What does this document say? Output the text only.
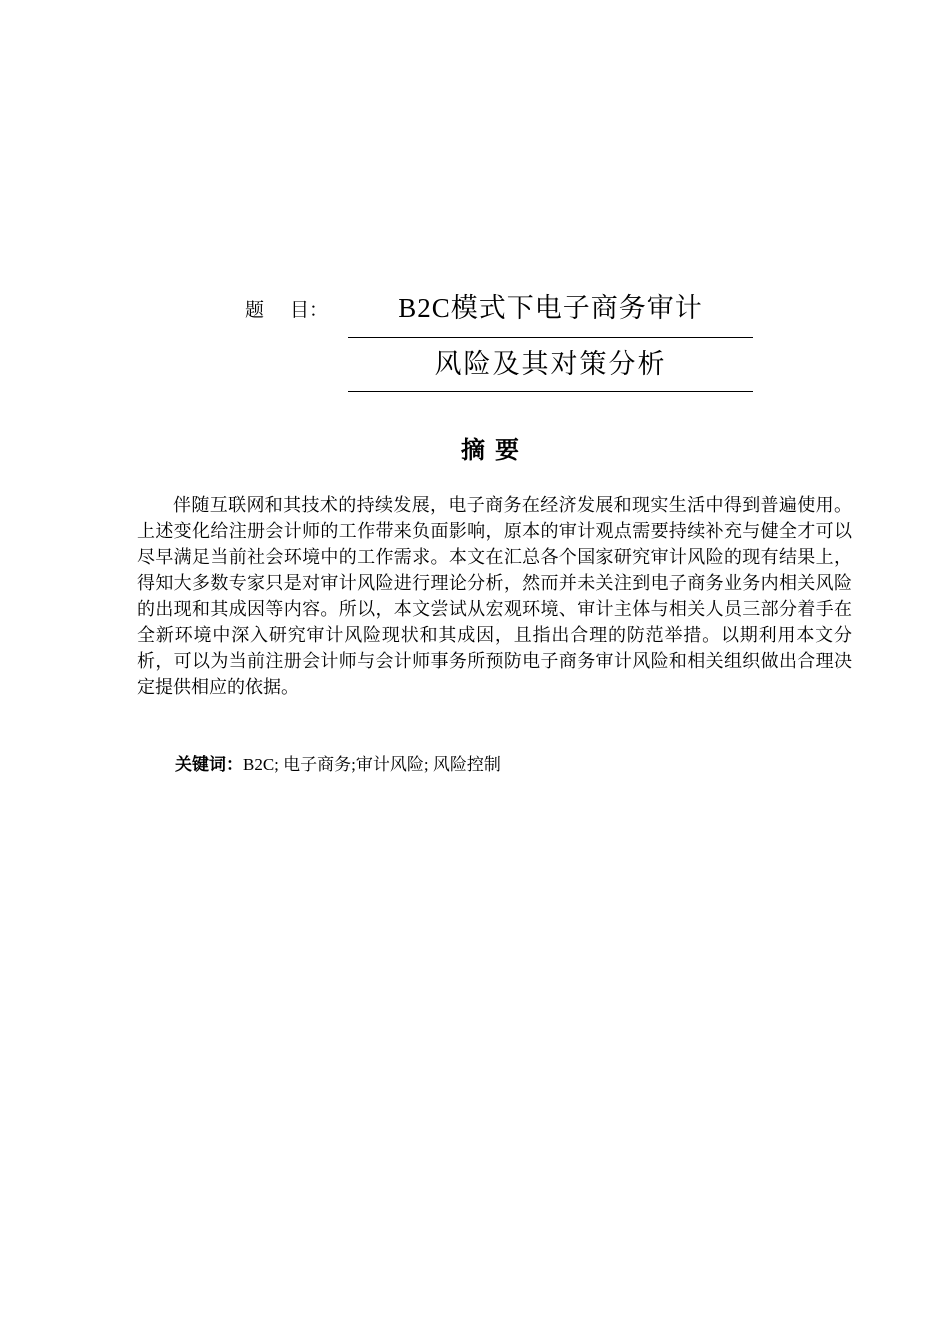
题 目：	B2C模式下电子商务审计
风险及其对策分析
摘要

伴随互联网和其技术的持续发展，电子商务在经济发展和现实生活中得到普遍使用。上述变化给注册会计师的工作带来负面影响，原本的审计观点需要持续补充与健全才可以尽早满足当前社会环境中的工作需求。本文在汇总各个国家研究审计风险的现有结果上，得知大多数专家只是对审计风险进行理论分析，然而并未关注到电子商务业务内相关风险的出现和其成因等内容。所以，本文尝试从宏观环境、审计主体与相关人员三部分着手在全新环境中深入研究审计风险现状和其成因，且指出合理的防范举措。以期利用本文分析，可以为当前注册会计师与会计师事务所预防电子商务审计风险和相关组织做出合理决定提供相应的依据。

关键词：B2C; 电子商务;审计风险; 风险控制
